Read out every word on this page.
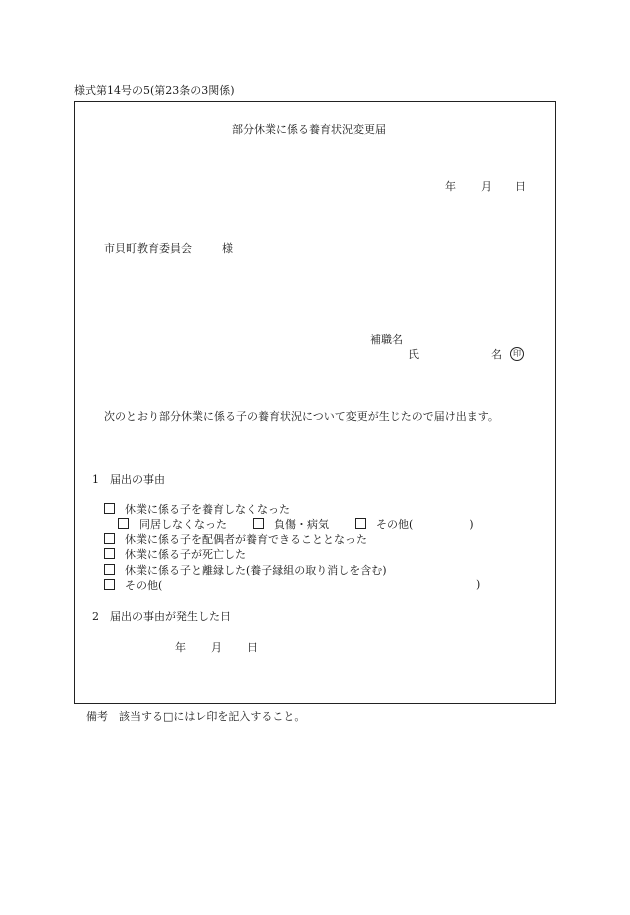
様式第14号の5(第23条の3関係)
部分休業に係る養育状況変更届
年 月 日
市貝町教育委員会	様
補職名
氏	名	印
次のとおり部分休業に係る子の養育状況について変更が生じたので届け出ます。
1　届出の事由
休業に係る子を養育しなくなった
同居しなくなった	負傷・病気	その他(	)
休業に係る子を配偶者が養育できることとなった
休業に係る子が死亡した
休業に係る子と離縁した(養子縁組の取り消しを含む)
その他(	)
2　届出の事由が発生した日
年 月 日
備考　該当する□にはレ印を記入すること。
